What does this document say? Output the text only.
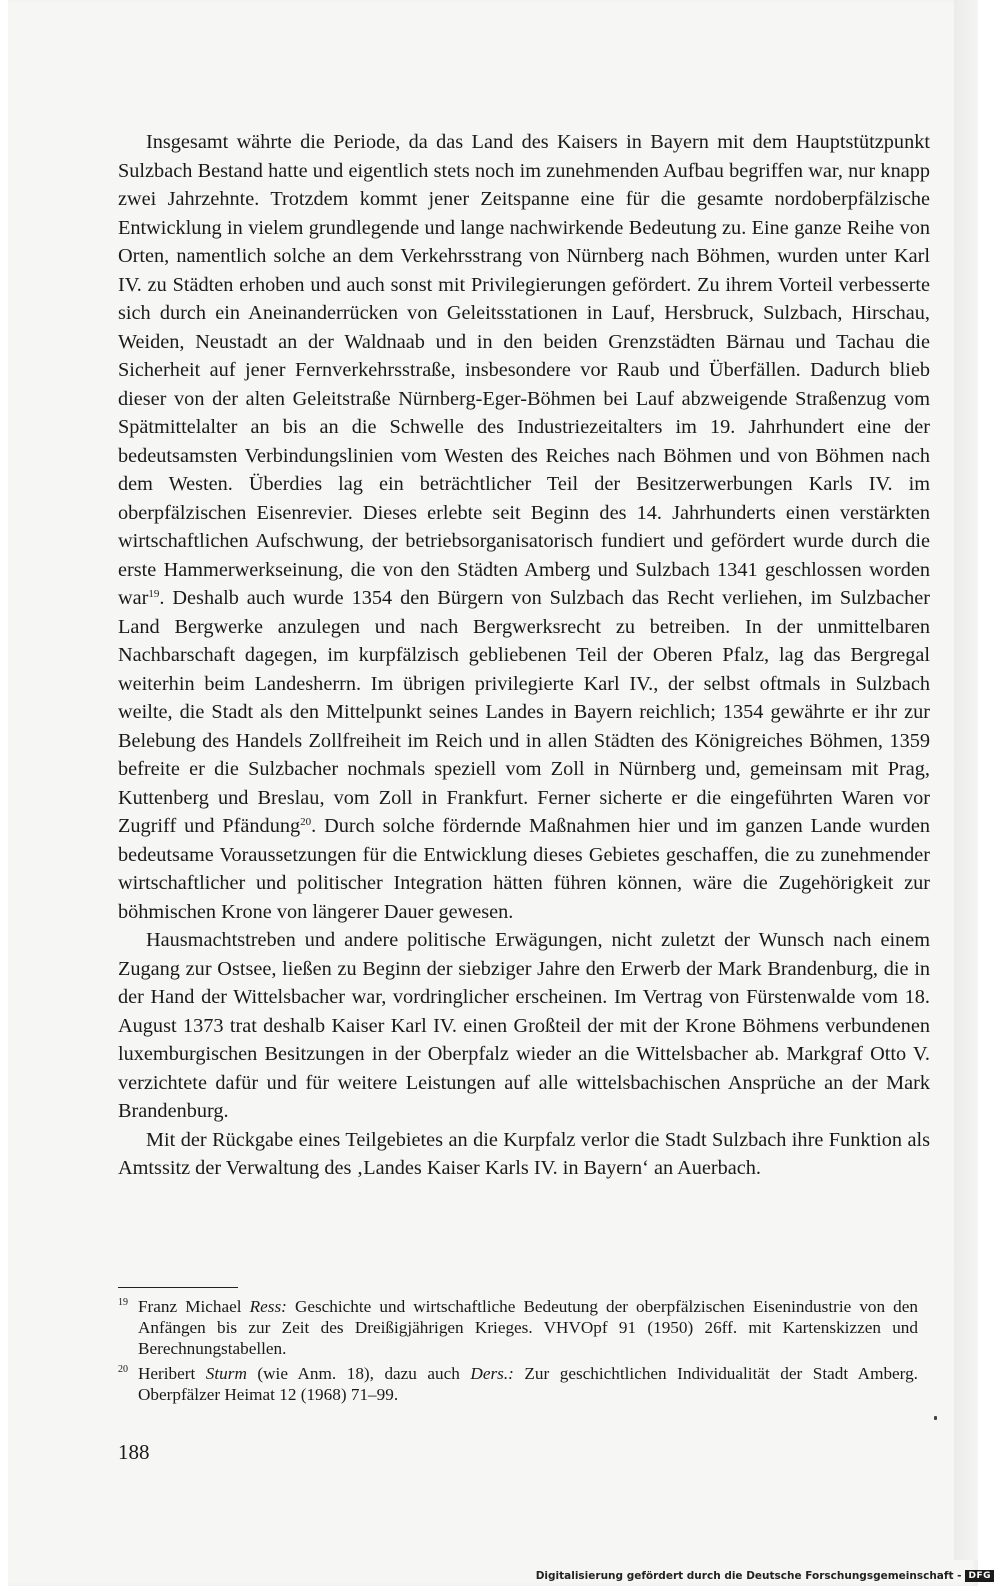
Insgesamt währte die Periode, da das Land des Kaisers in Bayern mit dem Hauptstützpunkt Sulzbach Bestand hatte und eigentlich stets noch im zunehmenden Aufbau begriffen war, nur knapp zwei Jahrzehnte. Trotzdem kommt jener Zeitspanne eine für die gesamte nordoberpfälzische Entwicklung in vielem grundlegende und lange nachwirkende Bedeutung zu. Eine ganze Reihe von Orten, namentlich solche an dem Verkehrsstrang von Nürnberg nach Böhmen, wurden unter Karl IV. zu Städten erhoben und auch sonst mit Privilegierungen gefördert. Zu ihrem Vorteil verbesserte sich durch ein Aneinanderrücken von Geleitsstationen in Lauf, Hersbruck, Sulzbach, Hirschau, Weiden, Neustadt an der Waldnaab und in den beiden Grenzstädten Bärnau und Tachau die Sicherheit auf jener Fernverkehrsstraße, insbesondere vor Raub und Überfällen. Dadurch blieb dieser von der alten Geleitstraße Nürnberg-Eger-Böhmen bei Lauf abzweigende Straßenzug vom Spätmittelalter an bis an die Schwelle des Industriezeitalters im 19. Jahrhundert eine der bedeutsamsten Verbindungslinien vom Westen des Reiches nach Böhmen und von Böhmen nach dem Westen. Überdies lag ein beträchtlicher Teil der Besitzerwerbungen Karls IV. im oberpfälzischen Eisenrevier. Dieses erlebte seit Beginn des 14. Jahrhunderts einen verstärkten wirtschaftlichen Aufschwung, der betriebsorganisatorisch fundiert und gefördert wurde durch die erste Hammerwerkseinung, die von den Städten Amberg und Sulzbach 1341 geschlossen worden war$^{19}$. Deshalb auch wurde 1354 den Bürgern von Sulzbach das Recht verliehen, im Sulzbacher Land Bergwerke anzulegen und nach Bergwerksrecht zu betreiben. In der unmittelbaren Nachbarschaft dagegen, im kurpfälzisch gebliebenen Teil der Oberen Pfalz, lag das Bergregal weiterhin beim Landesherrn. Im übrigen privilegierte Karl IV., der selbst oftmals in Sulzbach weilte, die Stadt als den Mittelpunkt seines Landes in Bayern reichlich; 1354 gewährte er ihr zur Belebung des Handels Zollfreiheit im Reich und in allen Städten des Königreiches Böhmen, 1359 befreite er die Sulzbacher nochmals speziell vom Zoll in Nürnberg und, gemeinsam mit Prag, Kuttenberg und Breslau, vom Zoll in Frankfurt. Ferner sicherte er die eingeführten Waren vor Zugriff und Pfändung$^{20}$. Durch solche fördernde Maßnahmen hier und im ganzen Lande wurden bedeutsame Voraussetzungen für die Entwicklung dieses Gebietes geschaffen, die zu zunehmender wirtschaftlicher und politischer Integration hätten führen können, wäre die Zugehörigkeit zur böhmischen Krone von längerer Dauer gewesen.

Hausmachtstreben und andere politische Erwägungen, nicht zuletzt der Wunsch nach einem Zugang zur Ostsee, ließen zu Beginn der siebziger Jahre den Erwerb der Mark Brandenburg, die in der Hand der Wittelsbacher war, vordringlicher erscheinen. Im Vertrag von Fürstenwalde vom 18. August 1373 trat deshalb Kaiser Karl IV. einen Großteil der mit der Krone Böhmens verbundenen luxemburgischen Besitzungen in der Oberpfalz wieder an die Wittelsbacher ab. Markgraf Otto V. verzichtete dafür und für weitere Leistungen auf alle wittelsbachischen Ansprüche an der Mark Brandenburg.

Mit der Rückgabe eines Teilgebietes an die Kurpfalz verlor die Stadt Sulzbach ihre Funktion als Amtssitz der Verwaltung des ‚Landes Kaiser Karls IV. in Bayern‘ an Auerbach.

19 Franz Michael Ress: Geschichte und wirtschaftliche Bedeutung der oberpfälzischen Eisenindustrie von den Anfängen bis zur Zeit des Dreißigjährigen Krieges. VHVOpf 91 (1950) 26ff. mit Kartenskizzen und Berechnungstabellen.
20 Heribert Sturm (wie Anm. 18), dazu auch Ders.: Zur geschichtlichen Individualität der Stadt Amberg. Oberpfälzer Heimat 12 (1968) 71–99.
188
Digitalisierung gefördert durch die Deutsche Forschungsgemeinschaft - DFG
